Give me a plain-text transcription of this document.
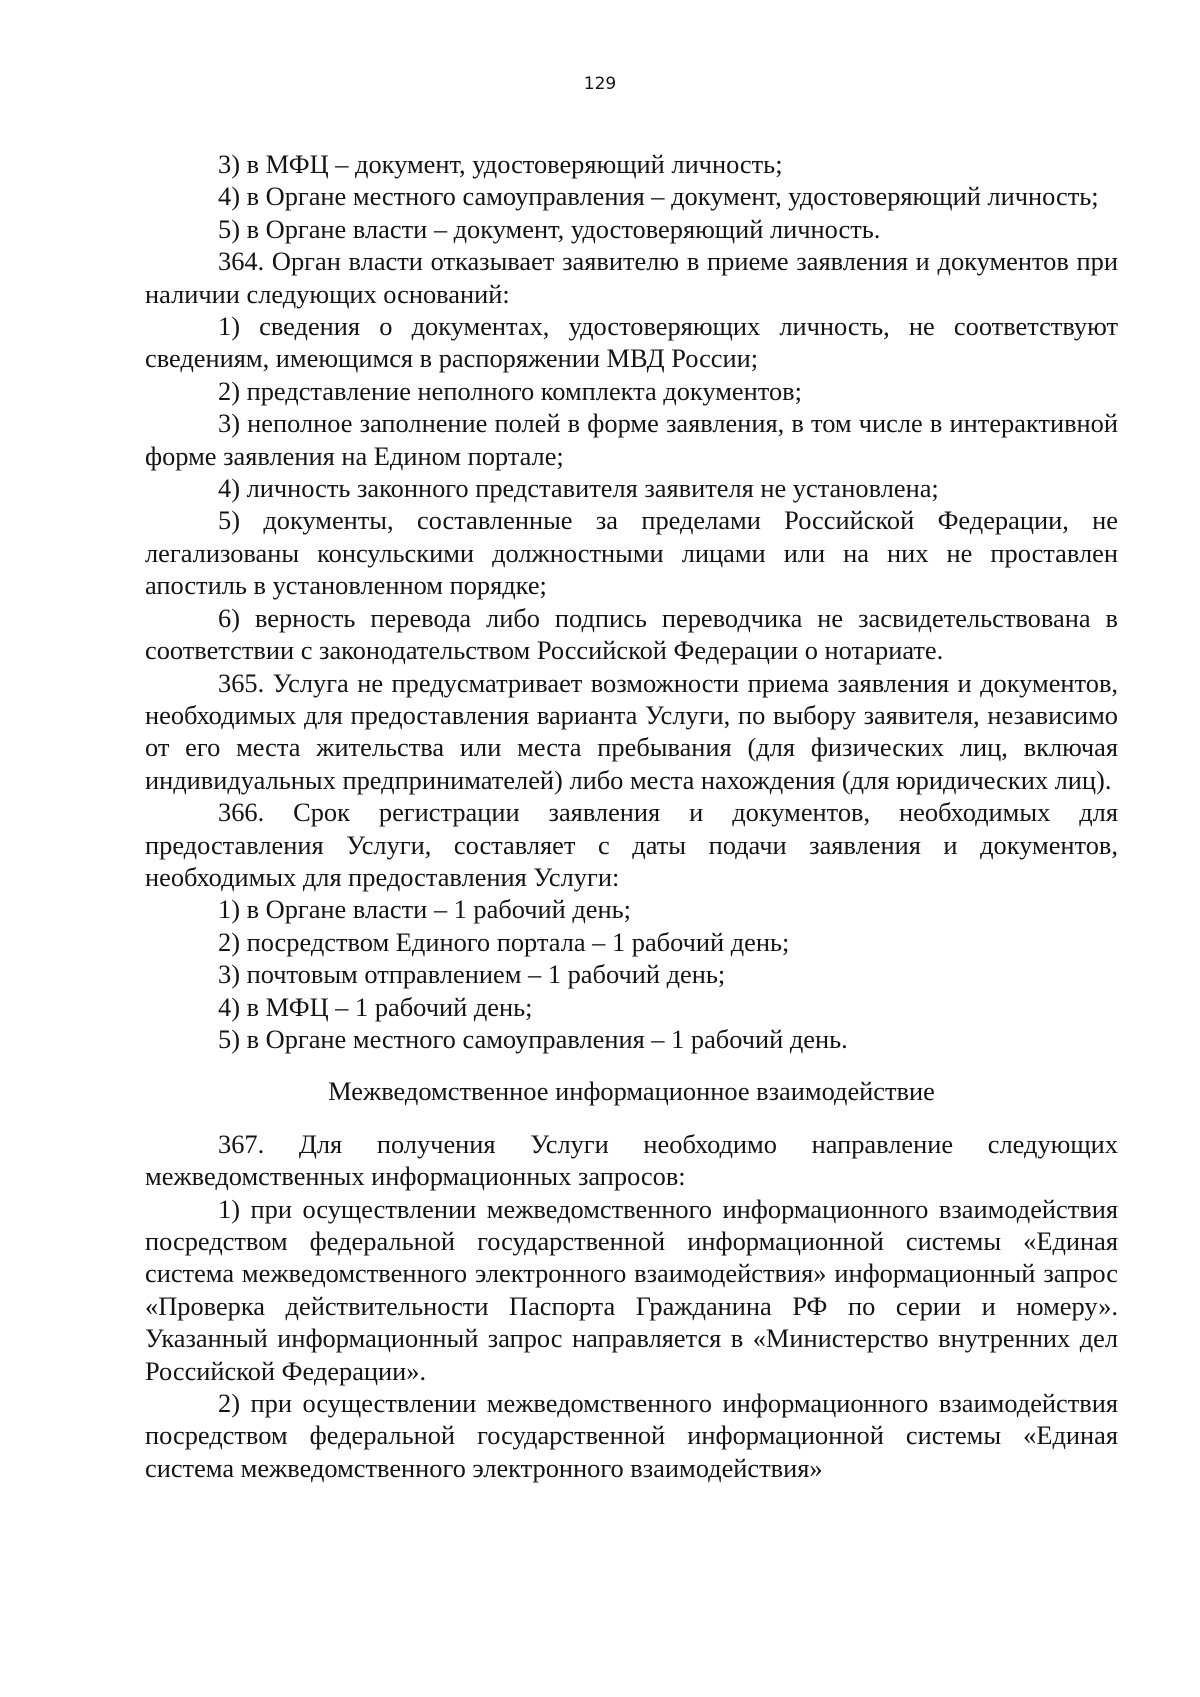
129

3) в МФЦ – документ, удостоверяющий личность;

4) в Органе местного самоуправления – документ, удостоверяющий личность;

5) в Органе власти – документ, удостоверяющий личность.

364. Орган власти отказывает заявителю в приеме заявления и документов при наличии следующих оснований:

1) сведения о документах, удостоверяющих личность, не соответствуют сведениям, имеющимся в распоряжении МВД России;

2) представление неполного комплекта документов;

3) неполное заполнение полей в форме заявления, в том числе в интерактивной форме заявления на Едином портале;

4) личность законного представителя заявителя не установлена;

5) документы, составленные за пределами Российской Федерации, не легализованы консульскими должностными лицами или на них не проставлен апостиль в установленном порядке;

6) верность перевода либо подпись переводчика не засвидетельствована в соответствии с законодательством Российской Федерации о нотариате.

365. Услуга не предусматривает возможности приема заявления и документов, необходимых для предоставления варианта Услуги, по выбору заявителя, независимо от его места жительства или места пребывания (для физических лиц, включая индивидуальных предпринимателей) либо места нахождения (для юридических лиц).

366. Срок регистрации заявления и документов, необходимых для предоставления Услуги, составляет с даты подачи заявления и документов, необходимых для предоставления Услуги:

1) в Органе власти – 1 рабочий день;

2) посредством Единого портала – 1 рабочий день;

3) почтовым отправлением – 1 рабочий день;

4) в МФЦ – 1 рабочий день;

5) в Органе местного самоуправления – 1 рабочий день.

Межведомственное информационное взаимодействие

367. Для получения Услуги необходимо направление следующих межведомственных информационных запросов:

1) при осуществлении межведомственного информационного взаимодействия посредством федеральной государственной информационной системы «Единая система межведомственного электронного взаимодействия» информационный запрос «Проверка действительности Паспорта Гражданина РФ по серии и номеру». Указанный информационный запрос направляется в «Министерство внутренних дел Российской Федерации».

2) при осуществлении межведомственного информационного взаимодействия посредством федеральной государственной информационной системы «Единая система межведомственного электронного взаимодействия»
